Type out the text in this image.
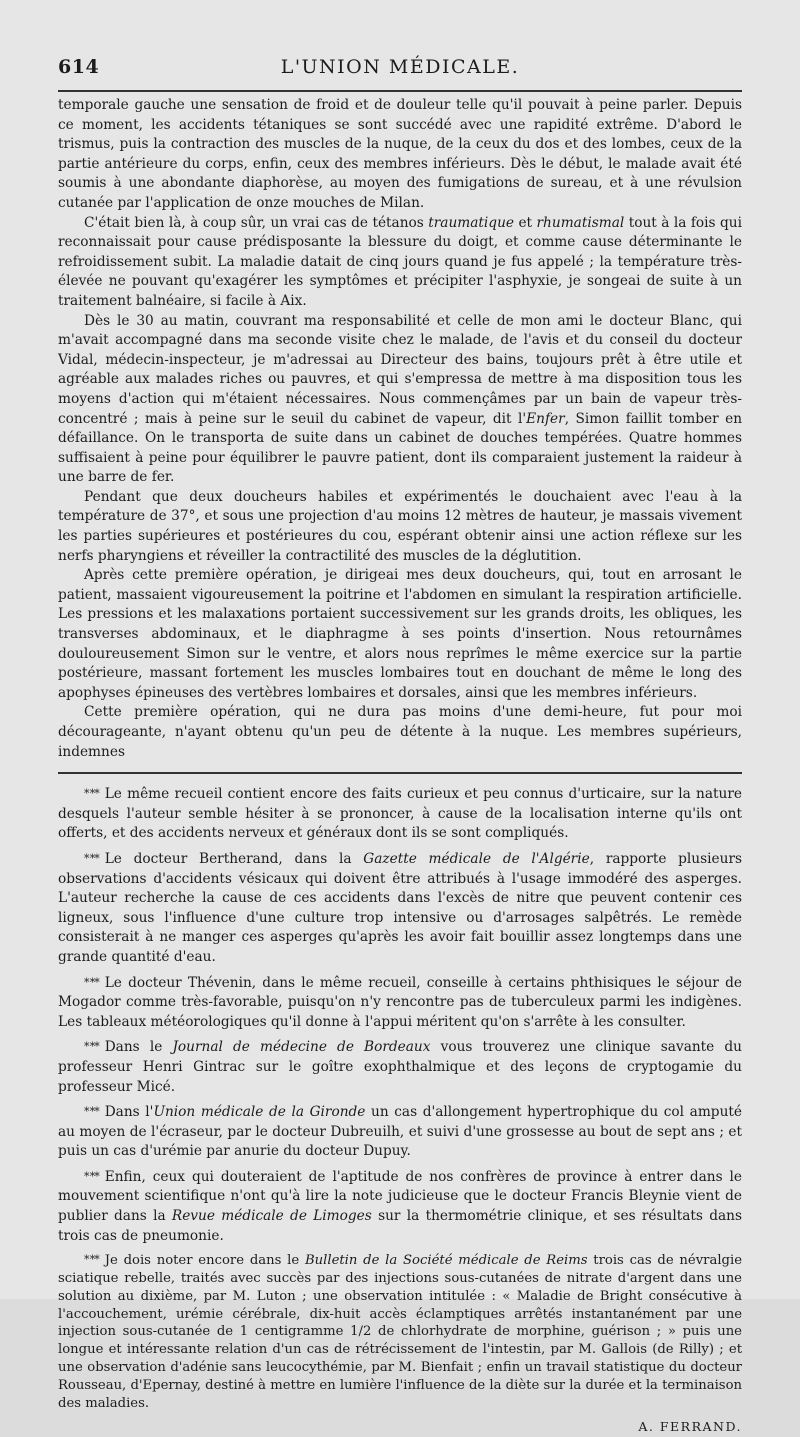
614	L'UNION MÉDICALE.

temporale gauche une sensation de froid et de douleur telle qu'il pouvait à peine parler. Depuis ce moment, les accidents tétaniques se sont succédé avec une rapidité extrême. D'abord le trismus, puis la contraction des muscles de la nuque, de la ceux du dos et des lombes, ceux de la partie antérieure du corps, enfin, ceux des membres inférieurs. Dès le début, le malade avait été soumis à une abondante diaphorèse, au moyen des fumigations de sureau, et à une révulsion cutanée par l'application de onze mouches de Milan.

C'était bien là, à coup sûr, un vrai cas de tétanos traumatique et rhumatismal tout à la fois qui reconnaissait pour cause prédisposante la blessure du doigt, et comme cause déterminante le refroidissement subit. La maladie datait de cinq jours quand je fus appelé ; la température très-élevée ne pouvant qu'exagérer les symptômes et précipiter l'asphyxie, je songeai de suite à un traitement balnéaire, si facile à Aix.

Dès le 30 au matin, couvrant ma responsabilité et celle de mon ami le docteur Blanc, qui m'avait accompagné dans ma seconde visite chez le malade, de l'avis et du conseil du docteur Vidal, médecin-inspecteur, je m'adressai au Directeur des bains, toujours prêt à être utile et agréable aux malades riches ou pauvres, et qui s'empressa de mettre à ma disposition tous les moyens d'action qui m'étaient nécessaires. Nous commençâmes par un bain de vapeur très-concentré ; mais à peine sur le seuil du cabinet de vapeur, dit l'Enfer, Simon faillit tomber en défaillance. On le transporta de suite dans un cabinet de douches tempérées. Quatre hommes suffisaient à peine pour équilibrer le pauvre patient, dont ils comparaient justement la raideur à une barre de fer.

Pendant que deux doucheurs habiles et expérimentés le douchaient avec l'eau à la température de 37°, et sous une projection d'au moins 12 mètres de hauteur, je massais vivement les parties supérieures et postérieures du cou, espérant obtenir ainsi une action réflexe sur les nerfs pharyngiens et réveiller la contractilité des muscles de la déglutition.

Après cette première opération, je dirigeai mes deux doucheurs, qui, tout en arrosant le patient, massaient vigoureusement la poitrine et l'abdomen en simulant la respiration artificielle. Les pressions et les malaxations portaient successivement sur les grands droits, les obliques, les transverses abdominaux, et le diaphragme à ses points d'insertion. Nous retournâmes douloureusement Simon sur le ventre, et alors nous reprîmes le même exercice sur la partie postérieure, massant fortement les muscles lombaires tout en douchant de même le long des apophyses épineuses des vertèbres lombaires et dorsales, ainsi que les membres inférieurs.

Cette première opération, qui ne dura pas moins d'une demi-heure, fut pour moi décourageante, n'ayant obtenu qu'un peu de détente à la nuque. Les membres supérieurs, indemnes

* ** Le même recueil contient encore des faits curieux et peu connus d'urticaire, sur la nature desquels l'auteur semble hésiter à se prononcer, à cause de la localisation interne qu'ils ont offerts, et des accidents nerveux et généraux dont ils se sont compliqués.

* ** Le docteur Bertherand, dans la Gazette médicale de l'Algérie, rapporte plusieurs observations d'accidents vésicaux qui doivent être attribués à l'usage immodéré des asperges. L'auteur recherche la cause de ces accidents dans l'excès de nitre que peuvent contenir ces ligneux, sous l'influence d'une culture trop intensive ou d'arrosages salpêtrés. Le remède consisterait à ne manger ces asperges qu'après les avoir fait bouillir assez longtemps dans une grande quantité d'eau.

* ** Le docteur Thévenin, dans le même recueil, conseille à certains phthisiques le séjour de Mogador comme très-favorable, puisqu'on n'y rencontre pas de tuberculeux parmi les indigènes. Les tableaux météorologiques qu'il donne à l'appui méritent qu'on s'arrête à les consulter.

* ** Dans le Journal de médecine de Bordeaux vous trouverez une clinique savante du professeur Henri Gintrac sur le goître exophthalmique et des leçons de cryptogamie du professeur Micé.

* ** Dans l'Union médicale de la Gironde un cas d'allongement hypertrophique du col amputé au moyen de l'écraseur, par le docteur Dubreuilh, et suivi d'une grossesse au bout de sept ans ; et puis un cas d'urémie par anurie du docteur Dupuy.

* ** Enfin, ceux qui douteraient de l'aptitude de nos confrères de province à entrer dans le mouvement scientifique n'ont qu'à lire la note judicieuse que le docteur Francis Bleynie vient de publier dans la Revue médicale de Limoges sur la thermométrie clinique, et ses résultats dans trois cas de pneumonie.

* ** Je dois noter encore dans le Bulletin de la Société médicale de Reims trois cas de névralgie sciatique rebelle, traités avec succès par des injections sous-cutanées de nitrate d'argent dans une solution au dixième, par M. Luton ; une observation intitulée : « Maladie de Bright consécutive à l'accouchement, urémie cérébrale, dix-huit accès éclamptiques arrêtés instantanément par une injection sous-cutanée de 1 centigramme 1/2 de chlorhydrate de morphine, guérison ; » puis une longue et intéressante relation d'un cas de rétrécissement de l'intestin, par M. Gallois (de Rilly) ; et une observation d'adénie sans leucocythémie, par M. Bienfait ; enfin un travail statistique du docteur Rousseau, d'Epernay, destiné à mettre en lumière l'influence de la diète sur la durée et la terminaison des maladies.

A. FERRAND.
